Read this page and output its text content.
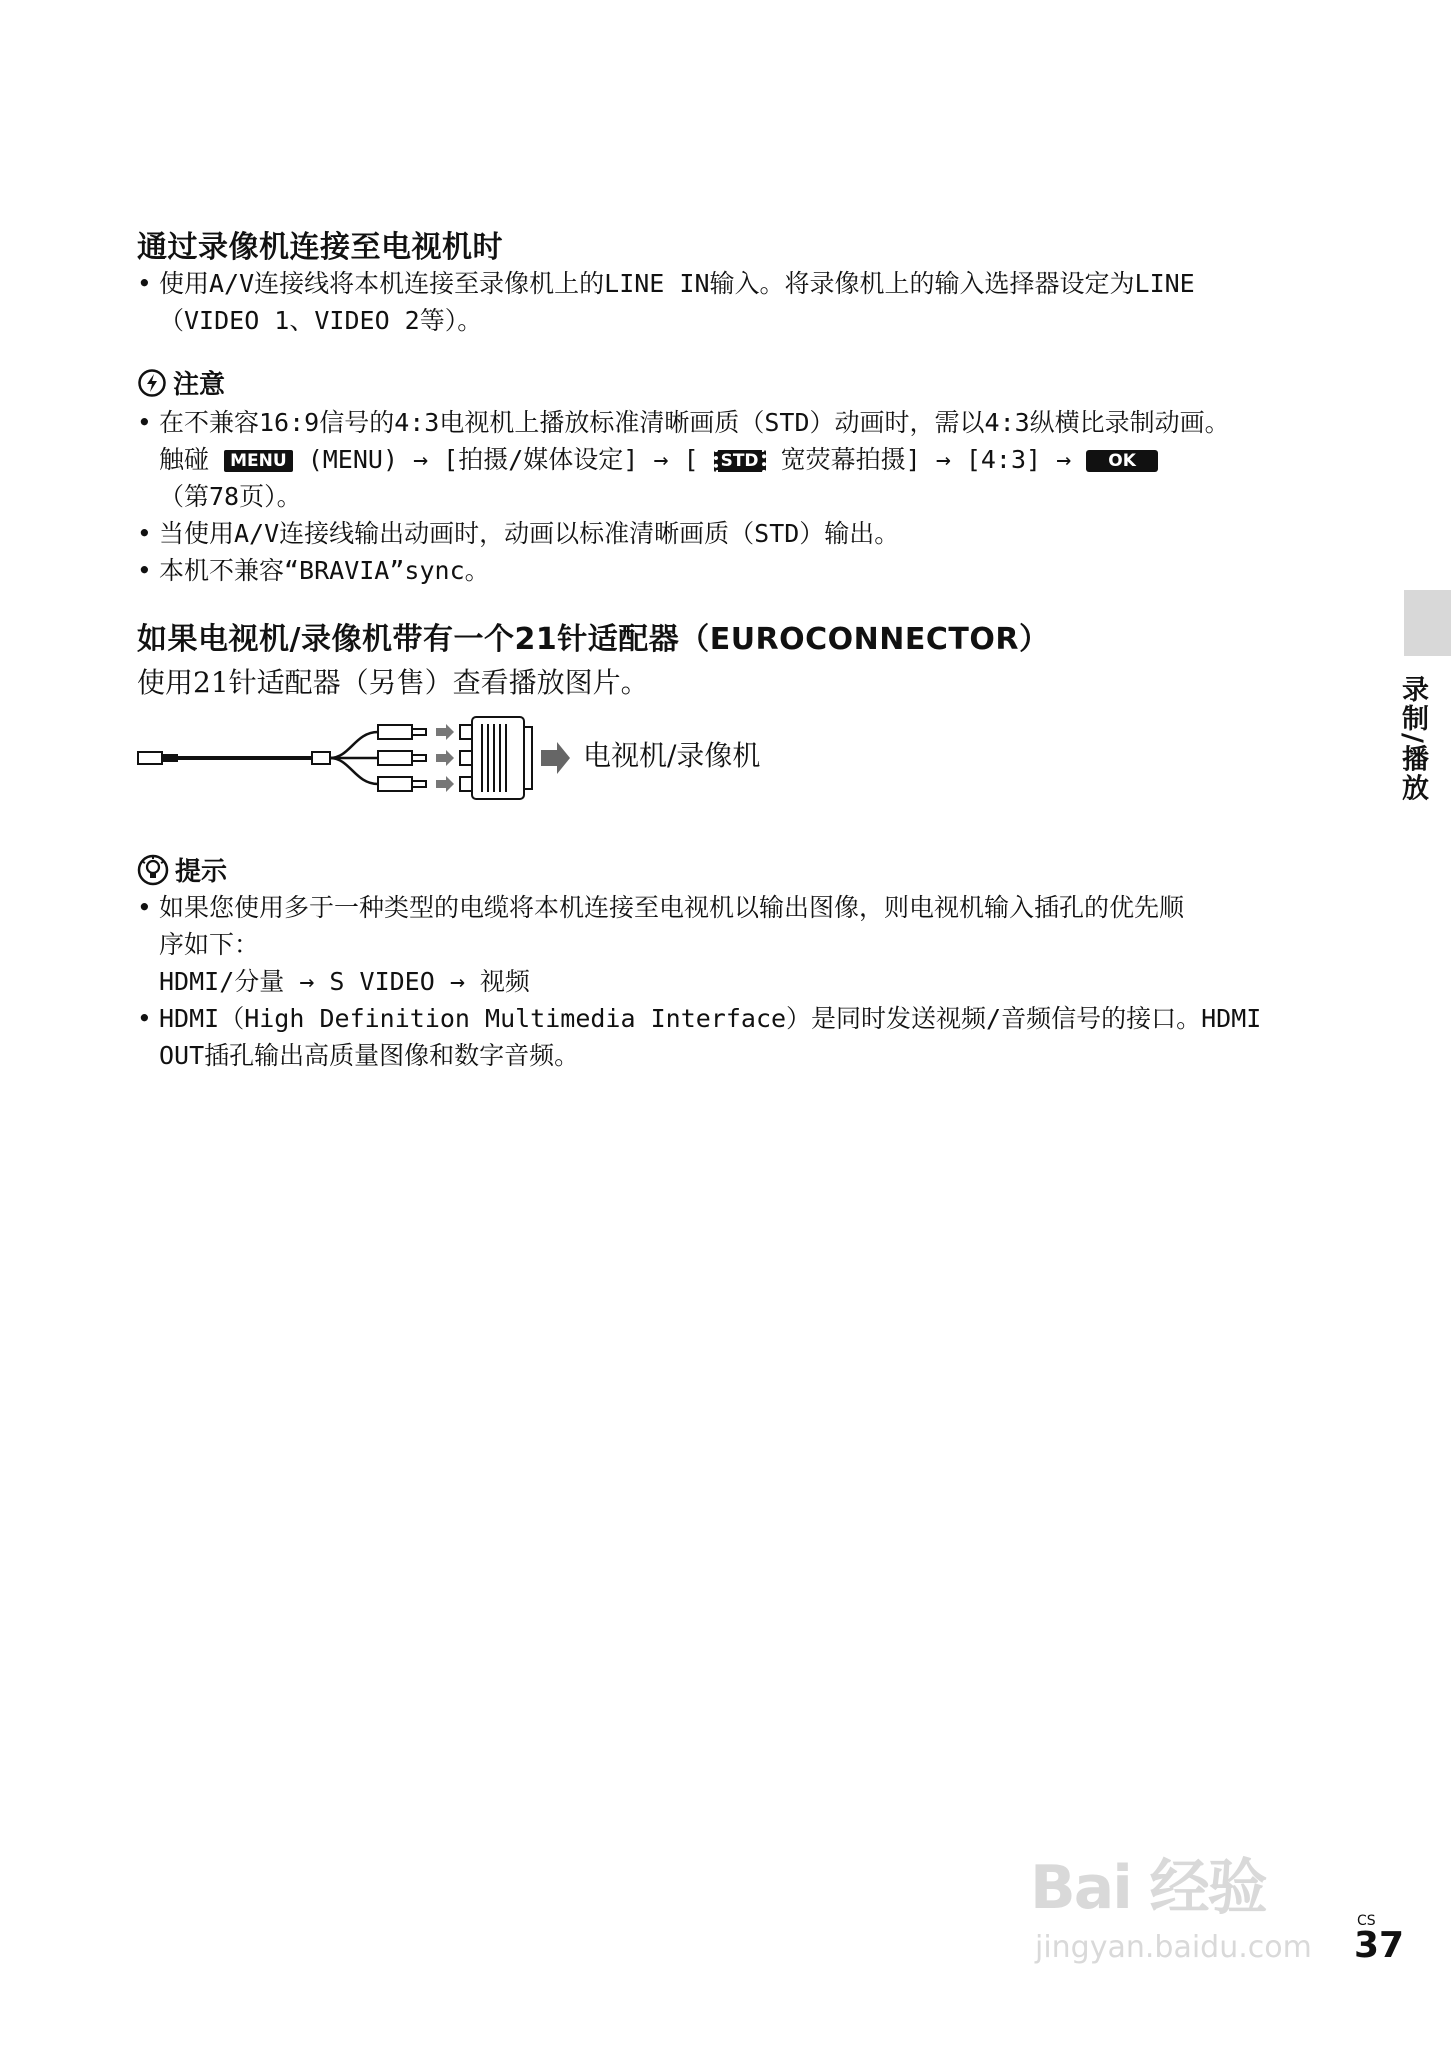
通过录像机连接至电视机时
• 使用A/V连接线将本机连接至录像机上的LINE IN输入。将录像机上的输入选择器设定为LINE
（VIDEO 1、VIDEO 2等）。
注意
• 在不兼容16:9信号的4:3电视机上播放标准清晰画质（STD）动画时，需以4:3纵横比录制动画。
触碰 MENU (MENU) → [拍摄/媒体设定] → [ STD 宽荧幕拍摄] → [4:3] → OK
（第78页）。
• 当使用A/V连接线输出动画时，动画以标准清晰画质（STD）输出。
• 本机不兼容“BRAVIA”sync。
如果电视机/录像机带有一个21针适配器（EUROCONNECTOR）
使用21针适配器（另售）查看播放图片。
电视机/录像机
提示
• 如果您使用多于一种类型的电缆将本机连接至电视机以输出图像，则电视机输入插孔的优先顺
序如下：
HDMI/分量 → S VIDEO → 视频
• HDMI（High Definition Multimedia Interface）是同时发送视频/音频信号的接口。HDMI
OUT插孔输出高质量图像和数字音频。
录制/播放
Bai 经验
jingyan.baidu.com
CS
37
